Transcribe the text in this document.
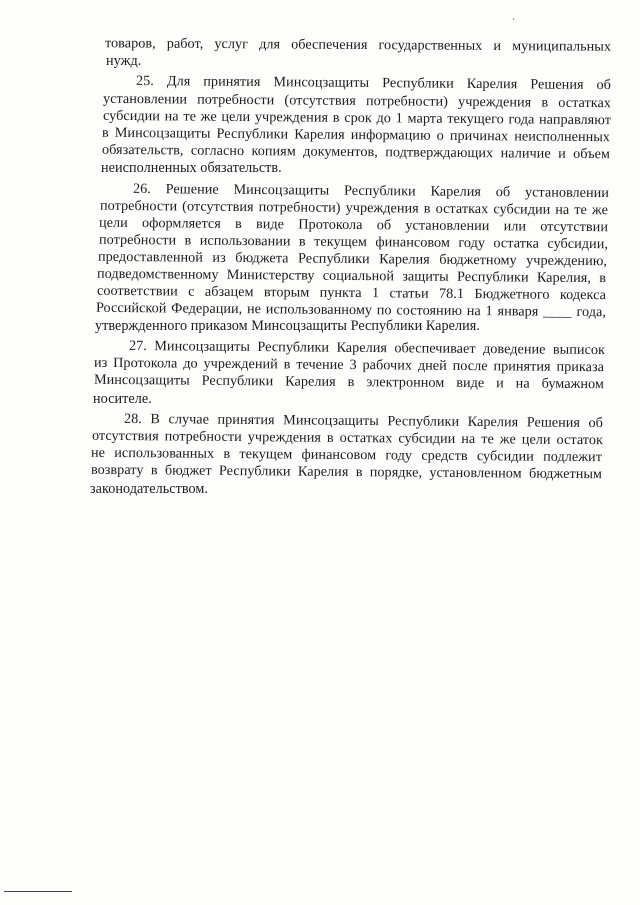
товаров, работ, услуг для обеспечения государственных и муниципальных
нужд.
25. Для принятия Минсоцзащиты Республики Карелия Решения об
установлении потребности (отсутствия потребности) учреждения в остатках
субсидии на те же цели учреждения в срок до 1 марта текущего года направляют
в Минсоцзащиты Республики Карелия информацию о причинах неисполненных
обязательств, согласно копиям документов, подтверждающих наличие и объем
неисполненных обязательств.
26. Решение Минсоцзащиты Республики Карелия об установлении
потребности (отсутствия потребности) учреждения в остатках субсидии на те же
цели оформляется в виде Протокола об установлении или отсутствии
потребности в использовании в текущем финансовом году остатка субсидии,
предоставленной из бюджета Республики Карелия бюджетному учреждению,
подведомственному Министерству социальной защиты Республики Карелия, в
соответствии с абзацем вторым пункта 1 статьи 78.1 Бюджетного кодекса
Российской Федерации, не использованному по состоянию на 1 января ____ года,
утвержденного приказом Минсоцзащиты Республики Карелия.
27. Минсоцзащиты Республики Карелия обеспечивает доведение выписок
из Протокола до учреждений в течение 3 рабочих дней после принятия приказа
Минсоцзащиты Республики Карелия в электронном виде и на бумажном
носителе.
28. В случае принятия Минсоцзащиты Республики Карелия Решения об
отсутствия потребности учреждения в остатках субсидии на те же цели остаток
не использованных в текущем финансовом году средств субсидии подлежит
возврату в бюджет Республики Карелия в порядке, установленном бюджетным
законодательством.
